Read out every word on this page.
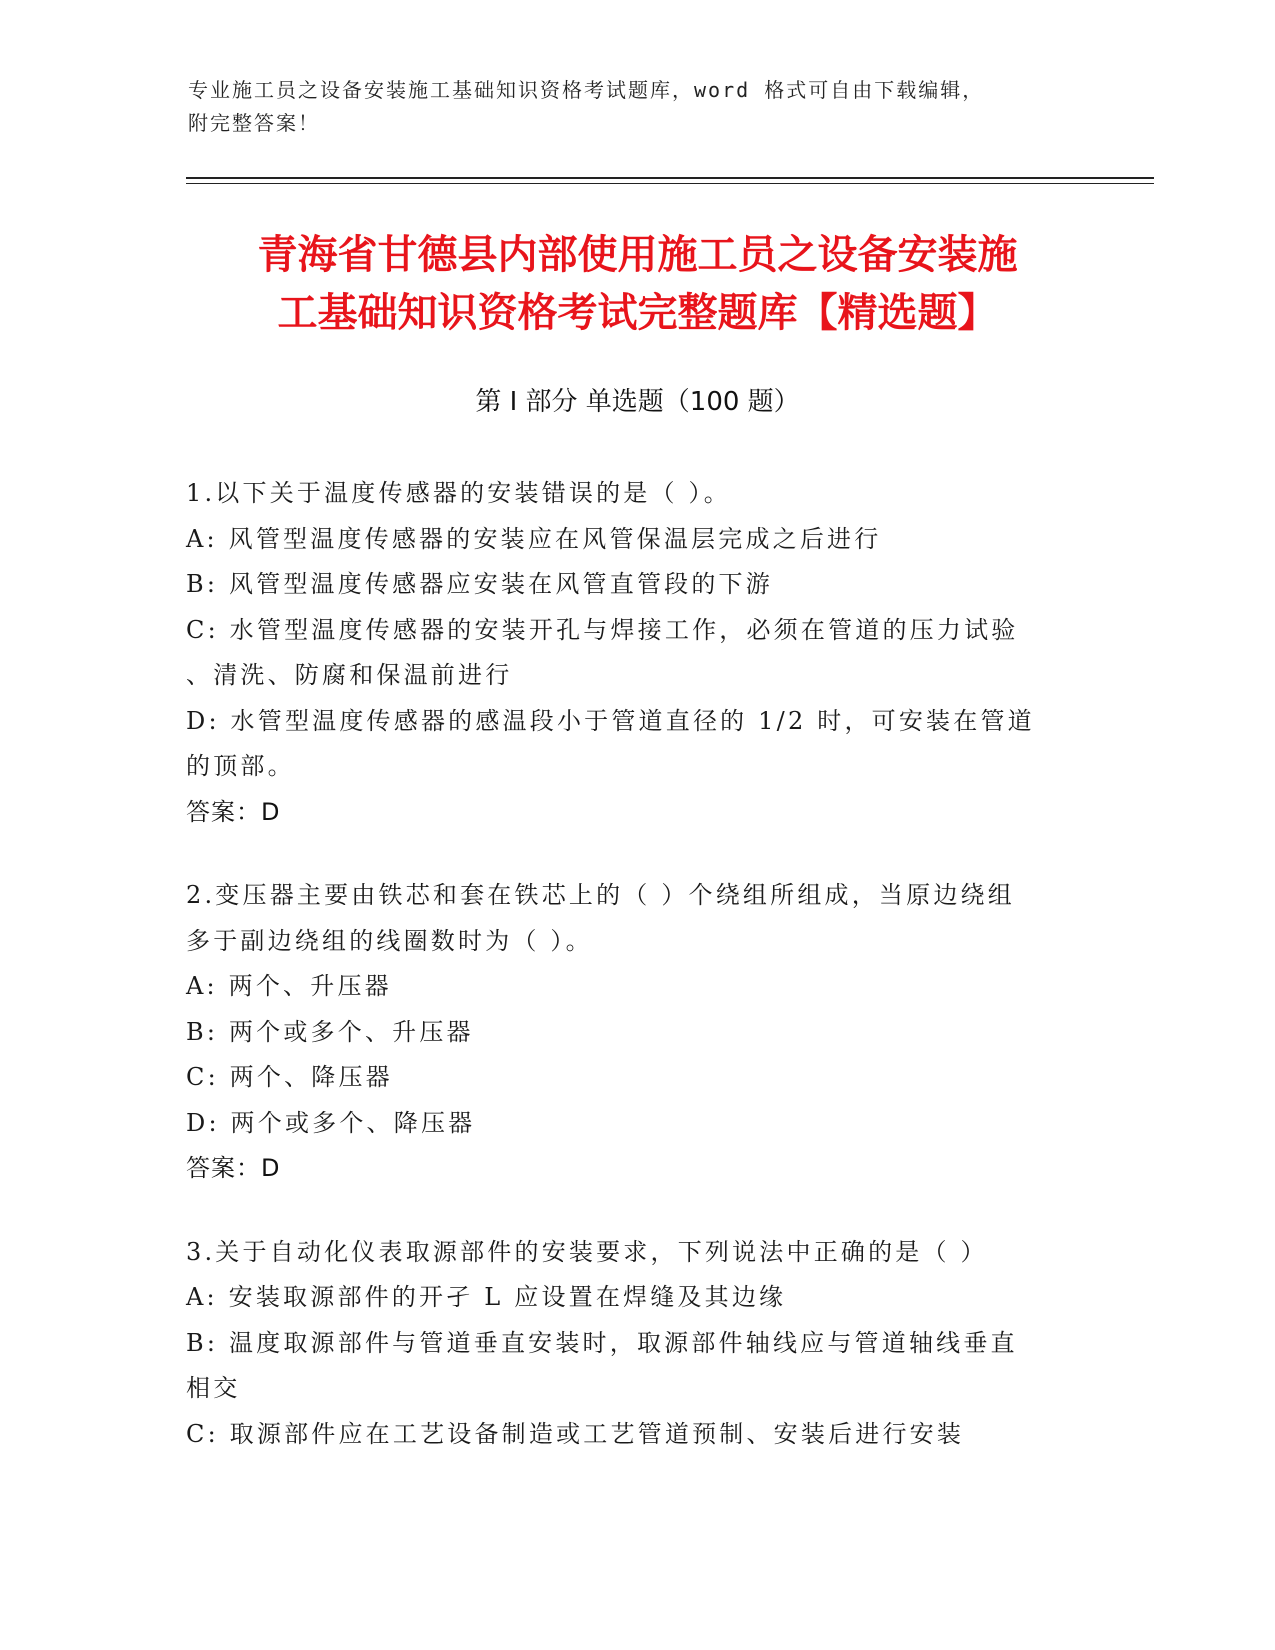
专业施工员之设备安装施工基础知识资格考试题库，word 格式可自由下载编辑，
附完整答案！
青海省甘德县内部使用施工员之设备安装施
工基础知识资格考试完整题库【精选题】
第 I 部分 单选题（100 题）
1.以下关于温度传感器的安装错误的是（ ）。
A: 风管型温度传感器的安装应在风管保温层完成之后进行
B: 风管型温度传感器应安装在风管直管段的下游
C: 水管型温度传感器的安装开孔与焊接工作，必须在管道的压力试验
、清洗、防腐和保温前进行
D: 水管型温度传感器的感温段小于管道直径的 1/2 时，可安装在管道
的顶部。
答案：D
2.变压器主要由铁芯和套在铁芯上的（ ）个绕组所组成，当原边绕组
多于副边绕组的线圈数时为（ ）。
A: 两个、升压器
B: 两个或多个、升压器
C: 两个、降压器
D: 两个或多个、降压器
答案：D
3.关于自动化仪表取源部件的安装要求，下列说法中正确的是（ ）
A: 安装取源部件的开孑 L 应设置在焊缝及其边缘
B: 温度取源部件与管道垂直安装时，取源部件轴线应与管道轴线垂直
相交
C: 取源部件应在工艺设备制造或工艺管道预制、安装后进行安装
